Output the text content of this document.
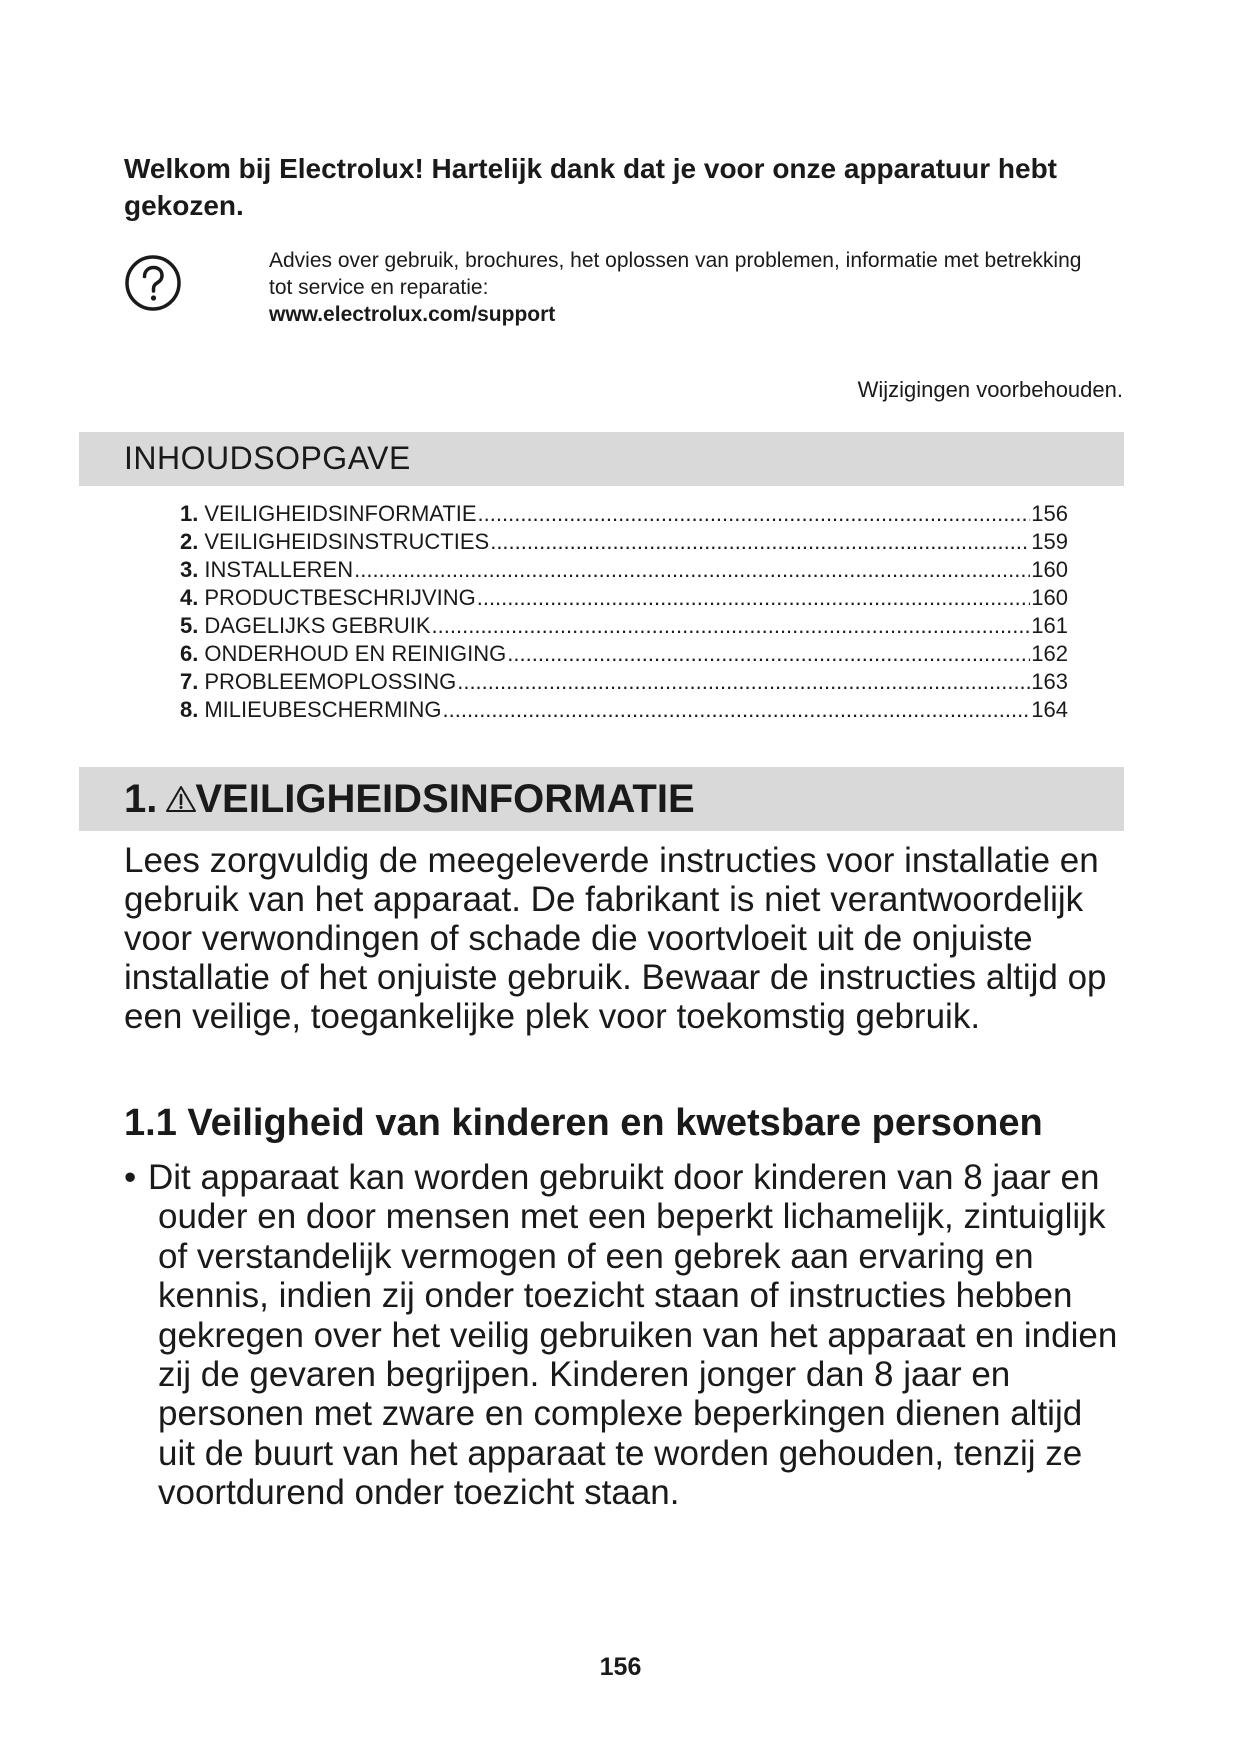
Welkom bij Electrolux! Hartelijk dank dat je voor onze apparatuur hebt gekozen.
Advies over gebruik, brochures, het oplossen van problemen, informatie met betrekking tot service en reparatie:
www.electrolux.com/support
Wijzigingen voorbehouden.
INHOUDSOPGAVE
1. VEILIGHEIDSINFORMATIE .....	156
2. VEILIGHEIDSINSTRUCTIES .....	159
3. INSTALLEREN .....	160
4. PRODUCTBESCHRIJVING .....	160
5. DAGELIJKS GEBRUIK .....	161
6. ONDERHOUD EN REINIGING .....	162
7. PROBLEEMOPLOSSING .....	163
8. MILIEUBESCHERMING .....	164
1. VEILIGHEIDSINFORMATIE

Lees zorgvuldig de meegeleverde instructies voor installatie en gebruik van het apparaat. De fabrikant is niet verantwoordelijk voor verwondingen of schade die voortvloeit uit de onjuiste installatie of het onjuiste gebruik. Bewaar de instructies altijd op een veilige, toegankelijke plek voor toekomstig gebruik.

1.1 Veiligheid van kinderen en kwetsbare personen

• Dit apparaat kan worden gebruikt door kinderen van 8 jaar en ouder en door mensen met een beperkt lichamelijk, zintuiglijk of verstandelijk vermogen of een gebrek aan ervaring en kennis, indien zij onder toezicht staan of instructies hebben gekregen over het veilig gebruiken van het apparaat en indien zij de gevaren begrijpen. Kinderen jonger dan 8 jaar en personen met zware en complexe beperkingen dienen altijd uit de buurt van het apparaat te worden gehouden, tenzij ze voortdurend onder toezicht staan.

156
